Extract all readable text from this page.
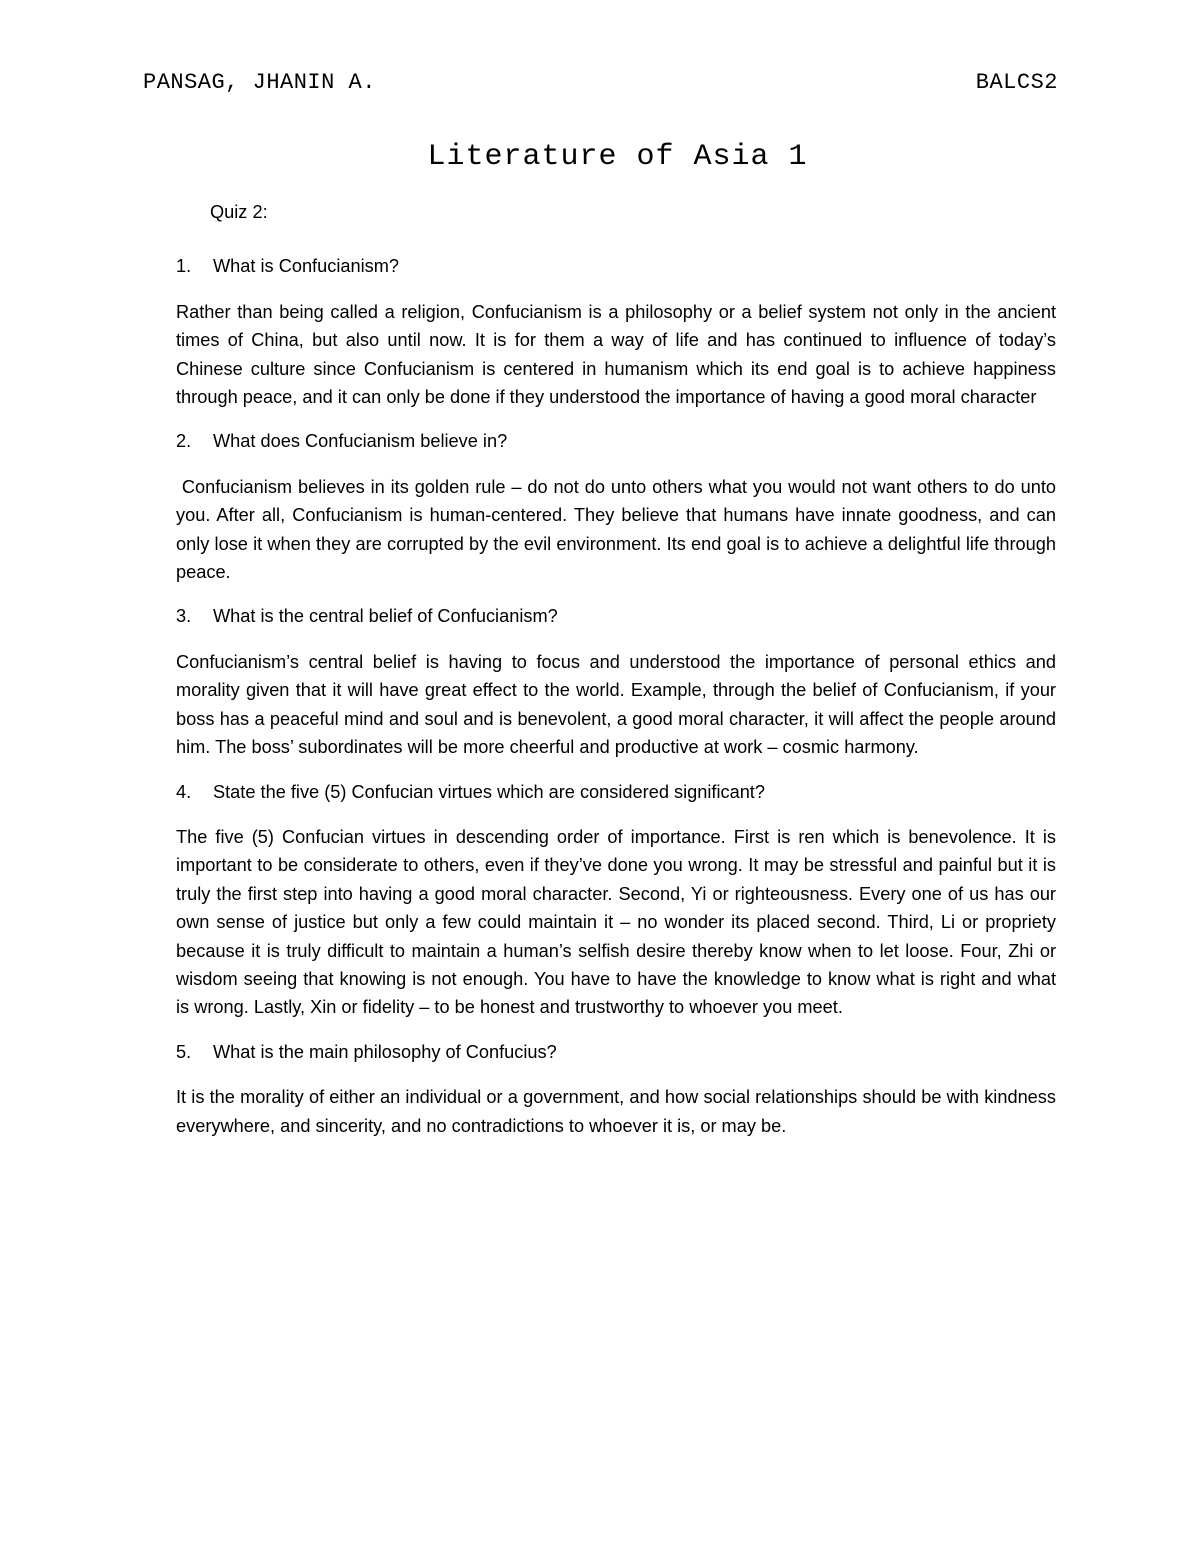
PANSAG, JHANIN A.	BALCS2
Literature of Asia 1
Quiz 2:
1.	What is Confucianism?

Rather than being called a religion, Confucianism is a philosophy or a belief system not only in the ancient times of China, but also until now. It is for them a way of life and has continued to influence of today’s Chinese culture since Confucianism is centered in humanism which its end goal is to achieve happiness through peace, and it can only be done if they understood the importance of having a good moral character

2.	What does Confucianism believe in?

Confucianism believes in its golden rule – do not do unto others what you would not want others to do unto you. After all, Confucianism is human-centered. They believe that humans have innate goodness, and can only lose it when they are corrupted by the evil environment. Its end goal is to achieve a delightful life through peace.

3.	What is the central belief of Confucianism?

Confucianism’s central belief is having to focus and understood the importance of personal ethics and morality given that it will have great effect to the world. Example, through the belief of Confucianism, if your boss has a peaceful mind and soul and is benevolent, a good moral character, it will affect the people around him. The boss’ subordinates will be more cheerful and productive at work – cosmic harmony.

4.	State the five (5) Confucian virtues which are considered significant?

The five (5) Confucian virtues in descending order of importance. First is ren which is benevolence. It is important to be considerate to others, even if they’ve done you wrong. It may be stressful and painful but it is truly the first step into having a good moral character. Second, Yi or righteousness. Every one of us has our own sense of justice but only a few could maintain it – no wonder its placed second. Third, Li or propriety because it is truly difficult to maintain a human’s selfish desire thereby know when to let loose. Four, Zhi or wisdom seeing that knowing is not enough. You have to have the knowledge to know what is right and what is wrong. Lastly, Xin or fidelity – to be honest and trustworthy to whoever you meet.

5.	What is the main philosophy of Confucius?

It is the morality of either an individual or a government, and how social relationships should be with kindness everywhere, and sincerity, and no contradictions to whoever it is, or may be.
